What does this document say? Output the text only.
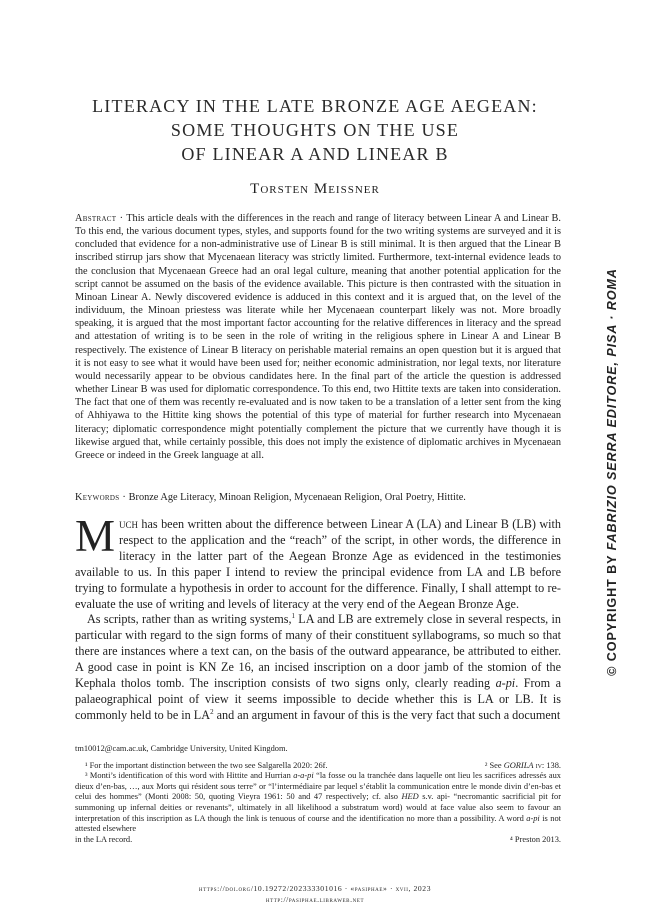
LITERACY IN THE LATE BRONZE AGE AEGEAN:
SOME THOUGHTS ON THE USE
OF LINEAR A AND LINEAR B
Torsten Meissner
Abstract · This article deals with the differences in the reach and range of literacy between Linear A and Linear B. To this end, the various document types, styles, and supports found for the two writing systems are surveyed and it is concluded that evidence for a non-administrative use of Linear B is still minimal. It is then argued that the Linear B inscribed stirrup jars show that Mycenaean literacy was strictly limited. Furthermore, text-internal evidence leads to the conclusion that Mycenaean Greece had an oral legal culture, meaning that another potential application for the script cannot be assumed on the basis of the evidence available. This picture is then contrasted with the situation in Minoan Linear A. Newly discovered evidence is adduced in this context and it is argued that, on the level of the individuum, the Minoan priestess was literate while her Mycenaean counterpart likely was not. More broadly speaking, it is argued that the most important factor accounting for the relative differences in literacy and the spread and attestation of writing is to be seen in the role of writing in the religious sphere in Linear A and Linear B respectively. The existence of Linear B literacy on perishable material remains an open question but it is argued that it is not easy to see what it would have been used for; neither economic administration, nor legal texts, nor literature would necessarily appear to be obvious candidates here. In the final part of the article the question is addressed whether Linear B was used for diplomatic correspondence. To this end, two Hittite texts are taken into consideration. The fact that one of them was recently re-evaluated and is now taken to be a translation of a letter sent from the king of Ahhiyawa to the Hittite king shows the potential of this type of material for further research into Mycenaean literacy; diplomatic correspondence might potentially complement the picture that we currently have though it is likewise argued that, while certainly possible, this does not imply the existence of diplomatic archives in Mycenaean Greece or indeed in the Greek language at all.
Keywords · Bronze Age Literacy, Minoan Religion, Mycenaean Religion, Oral Poetry, Hittite.

Much has been written about the difference between Linear A (LA) and Linear B (LB) with respect to the application and the “reach” of the script, in other words, the difference in literacy in the latter part of the Aegean Bronze Age as evidenced in the testimonies available to us. In this paper I intend to review the principal evidence from LA and LB before trying to formulate a hypothesis in order to account for the difference. Finally, I shall attempt to re-evaluate the use of writing and levels of literacy at the very end of the Aegean Bronze Age.

As scripts, rather than as writing systems,$^1$ LA and LB are extremely close in several respects, in particular with regard to the sign forms of many of their constituent syllabograms, so much so that there are instances where a text can, on the basis of the outward appearance, be attributed to either. A good case in point is KN Ze 16, an incised inscription on a door jamb of the stomion of the Kephala tholos tomb. The inscription consists of two signs only, clearly reading a-pi. From a palaeographical point of view it seems impossible to decide whether this is LA or LB. It is commonly held to be in $LA^2$ and an argument in favour of this is the very fact that such a document

tm10012@cam.ac.uk, Cambridge University, United Kingdom.

¹ For the important distinction between the two see Salgarella 2020: 26f.	² See GORILA iv: 138.

³ Monti’s identification of this word with Hittite and Hurrian a-a-pi “la fosse ou la tranchée dans laquelle ont lieu les sacrifices adressés aux dieux d’en-bas, …, aux Morts qui résident sous terre” or “l’intermédiaire par lequel s’établit la communication entre le monde divin d’en-bas et celui des hommes” (Monti 2008: 50, quoting Vieyra 1961: 50 and 47 respectively; cf. also HED s.v. api- “necromantic sacrificial pit for summoning up infernal deities or revenants”, ultimately in all likelihood a substratum word) would at face value also seem to favour an interpretation of this inscription as LA though the link is tenuous of course and the identification no more than a possibility. A word a-pi is not attested elsewhere

in the LA record.	⁴ Preston 2013.
https://doi.org/10.19272/202333301016 · «pasiphae» · xvii, 2023
http://pasiphae.libraweb.net
© COPYRIGHT BY FABRIZIO SERRA EDITORE, PISA · ROMA
